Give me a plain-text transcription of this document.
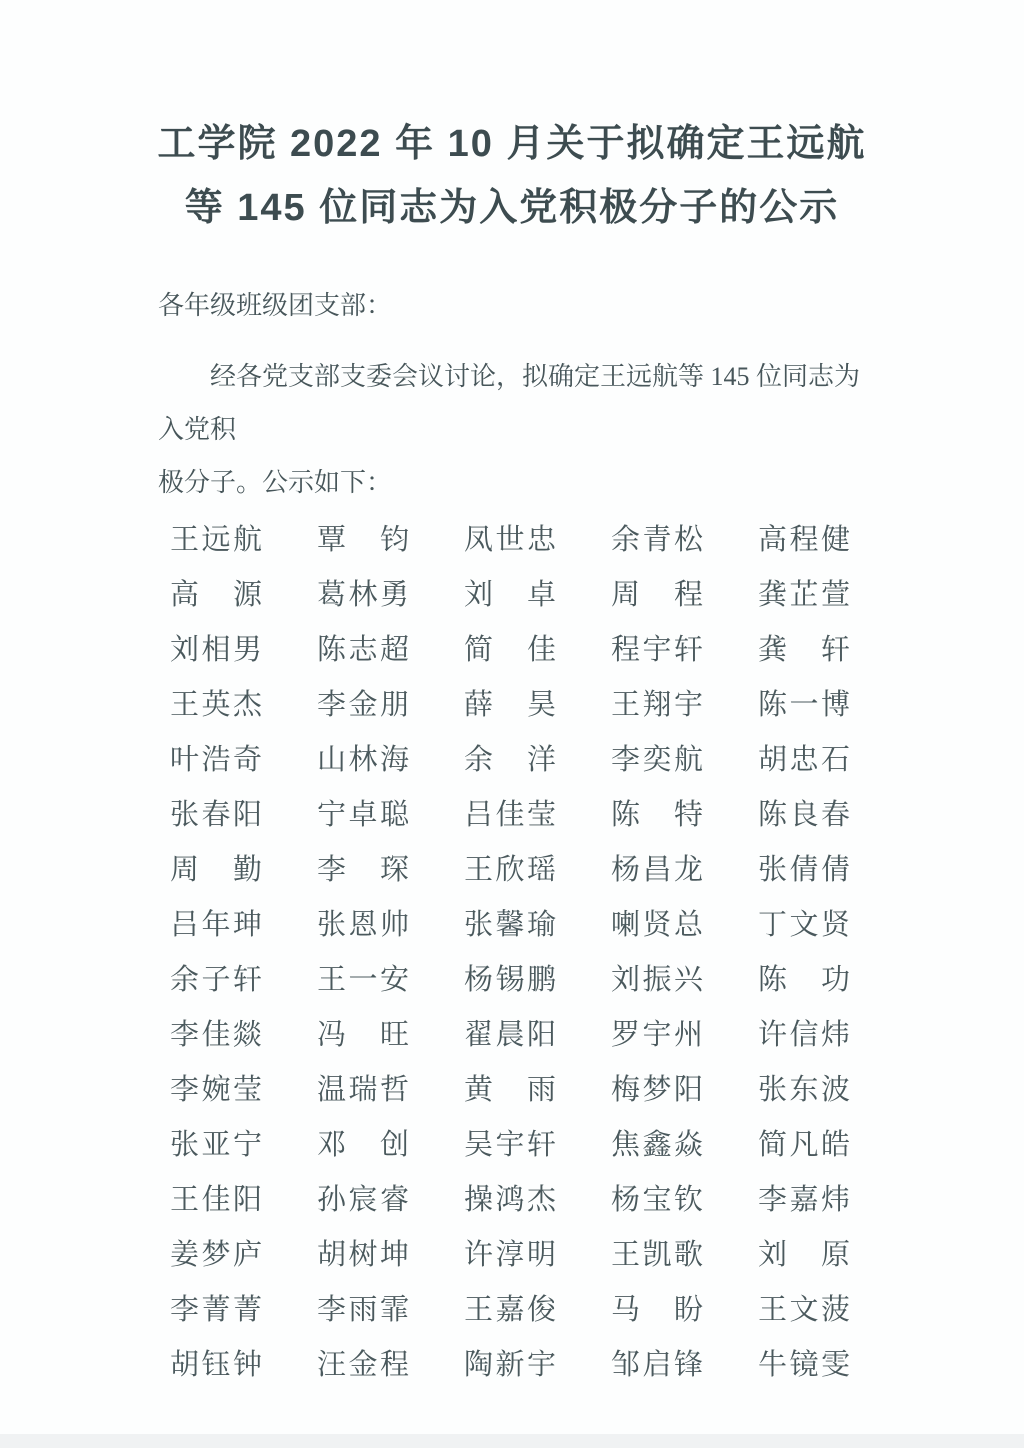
工学院 2022 年 10 月关于拟确定王远航
等 145 位同志为入党积极分子的公示
各年级班级团支部：
经各党支部支委会议讨论，拟确定王远航等 145 位同志为入党积
极分子。公示如下：
王远航 覃钧 凤世忠 余青松 高程健
高源 葛林勇 刘卓 周程 龚芷萱
刘相男 陈志超 简佳 程宇轩 龚轩
王英杰 李金朋 薛昊 王翔宇 陈一博
叶浩奇 山林海 余洋 李奕航 胡忠石
张春阳 宁卓聪 吕佳莹 陈特 陈良春
周勤 李琛 王欣瑶 杨昌龙 张倩倩
吕年珅 张恩帅 张馨瑜 喇贤总 丁文贤
余子轩 王一安 杨锡鹏 刘振兴 陈功
李佳燚 冯旺 翟晨阳 罗宇州 许信炜
李婉莹 温瑞哲 黄雨 梅梦阳 张东波
张亚宁 邓创 吴宇轩 焦鑫焱 简凡皓
王佳阳 孙宸睿 操鸿杰 杨宝钦 李嘉炜
姜梦庐 胡树坤 许淳明 王凯歌 刘原
李菁菁 李雨霏 王嘉俊 马盼 王文菠
胡钰钟 汪金程 陶新宇 邹启锋 牛镜雯
